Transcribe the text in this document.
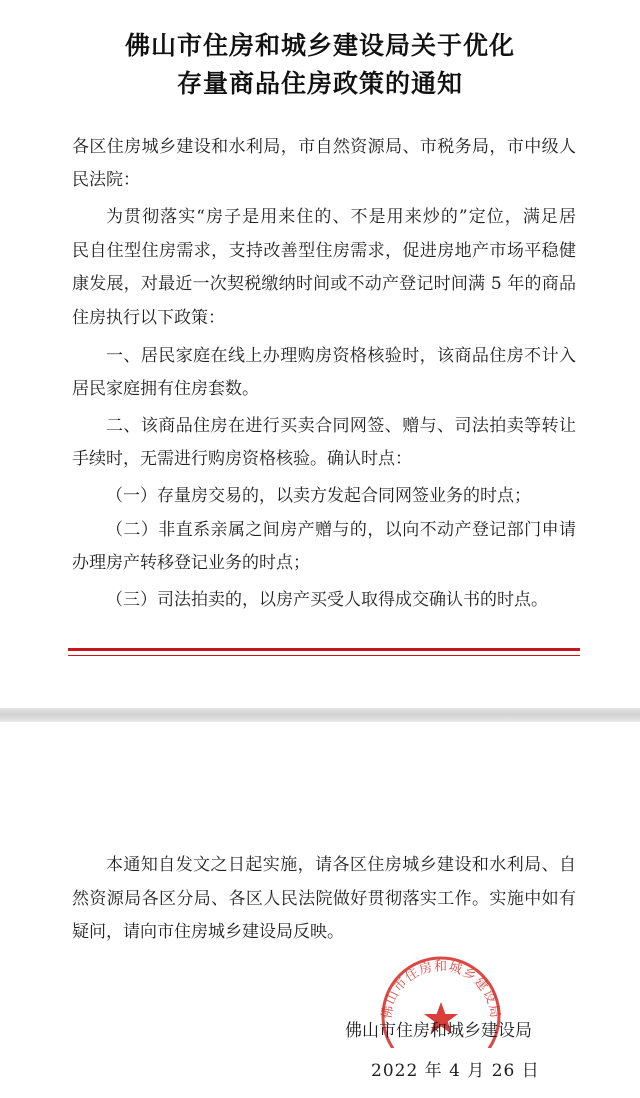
佛山市住房和城乡建设局关于优化
存量商品住房政策的通知
各区住房城乡建设和水利局，市自然资源局、市税务局，市中级人
民法院：
为贯彻落实“房子是用来住的、不是用来炒的”定位，满足居
民自住型住房需求，支持改善型住房需求，促进房地产市场平稳健
康发展，对最近一次契税缴纳时间或不动产登记时间满 5 年的商品
住房执行以下政策：
一、居民家庭在线上办理购房资格核验时，该商品住房不计入
居民家庭拥有住房套数。
二、该商品住房在进行买卖合同网签、赠与、司法拍卖等转让
手续时，无需进行购房资格核验。确认时点：
（一）存量房交易的，以卖方发起合同网签业务的时点；
（二）非直系亲属之间房产赠与的，以向不动产登记部门申请
办理房产转移登记业务的时点；
（三）司法拍卖的，以房产买受人取得成交确认书的时点。
本通知自发文之日起实施，请各区住房城乡建设和水利局、自
然资源局各区分局、各区人民法院做好贯彻落实工作。实施中如有
疑问，请向市住房城乡建设局反映。
佛山市住房和城乡建设局
佛山市住房和城乡建设局
2022 年 4 月 26 日
